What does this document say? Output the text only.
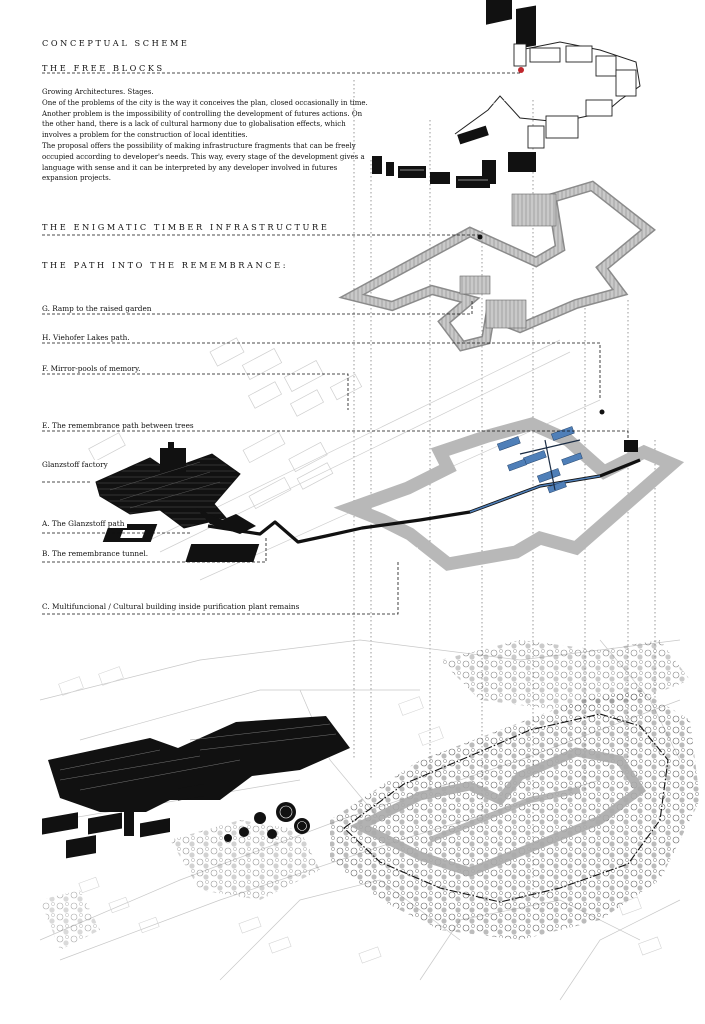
CONCEPTUAL SCHEME
THE FREE BLOCKS

Growing Architectures. Stages.

One of the problems of the city is the way it conceives the plan, closed occasionally in time. Another problem is the impossibility of controlling the development of futures actions. On the other hand, there is a lack of cultural harmony due to globalisation effects, which involves a problem for the construction of local identities.

The proposal offers the possibility of making infrastructure fragments that can be freely occupied according to developer's needs. This way, every stage of the development gives a language with sense and it can be interpreted by any developer involved in futures expansion projects.

THE ENIGMATIC TIMBER INFRASTRUCTURE
THE PATH INTO THE REMEMBRANCE:
G. Ramp to the raised garden
H. Viehofer Lakes path.
F. Mirror-pools of memory.
E. The remembrance path between trees
Glanzstoff factory
A. The Glanzstoff path
B. The remembrance tunnel.
C. Multifuncional / Cultural building inside purification plant remains
